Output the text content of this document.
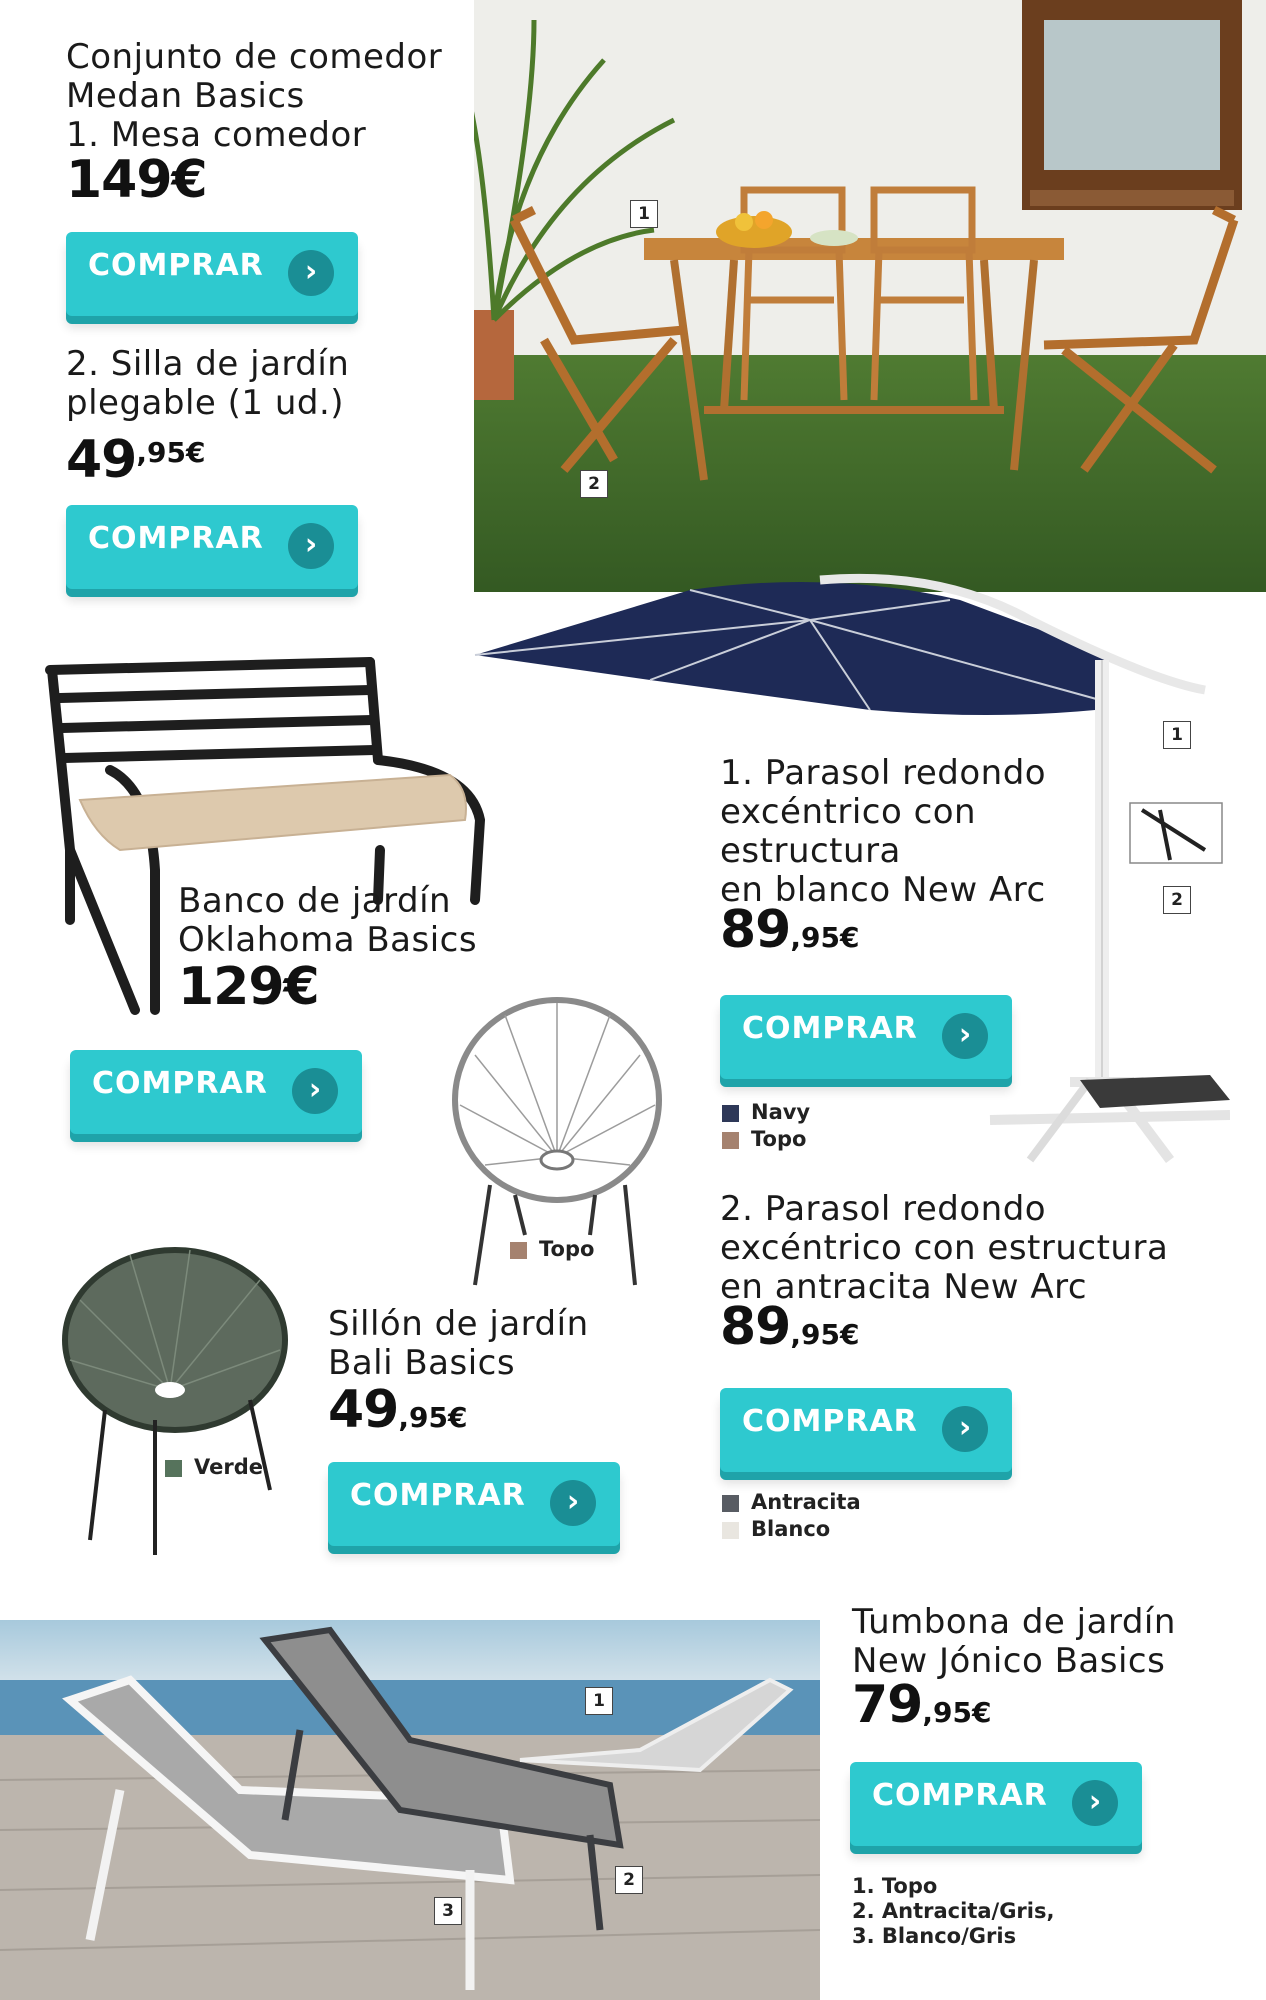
Conjunto de comedor
Medan Basics
1. Mesa comedor
149€
COMPRAR	›
2. Silla de jardín
plegable (1 ud.)
49,95€
COMPRAR	›
1
2
Banco de jardín
Oklahoma Basics
129€
COMPRAR	›
1
2
1. Parasol redondo
excéntrico con
estructura
en blanco New Arc
89,95€
COMPRAR	›
Navy
Topo
2. Parasol redondo
excéntrico con estructura
en antracita New Arc
89,95€
COMPRAR	›
Antracita
Blanco
Topo
Verde
Sillón de jardín
Bali Basics
49,95€
COMPRAR	›
1
2
3
Tumbona de jardín
New Jónico Basics
79,95€
COMPRAR	›
1. Topo
2. Antracita/Gris,
3. Blanco/Gris
